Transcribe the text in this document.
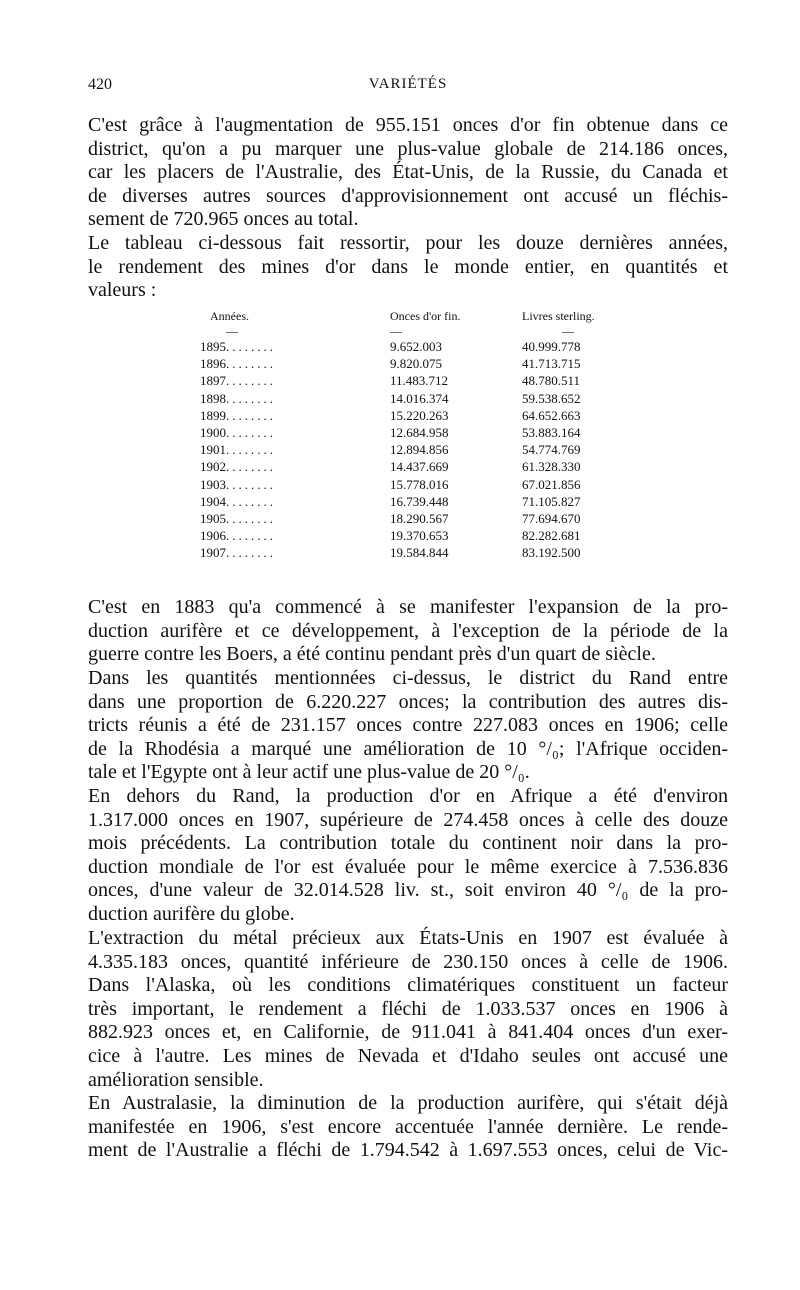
420	VARIÉTÉS
C'est grâce à l'augmentation de 955.151 onces d'or fin obtenue dans ce
district, qu'on a pu marquer une plus-value globale de 214.186 onces,
car les placers de l'Australie, des État-Unis, de la Russie, du Canada et
de diverses autres sources d'approvisionnement ont accusé un fléchis-
sement de 720.965 onces au total.
Le tableau ci-dessous fait ressortir, pour les douze dernières années,
le rendement des mines d'or dans le monde entier, en quantités et
valeurs :
Années.	Onces d'or fin.	Livres sterling.
—	—	—
1895........	9.652.003	40.999.778
1896........	9.820.075	41.713.715
1897........	11.483.712	48.780.511
1898........	14.016.374	59.538.652
1899........	15.220.263	64.652.663
1900........	12.684.958	53.883.164
1901........	12.894.856	54.774.769
1902........	14.437.669	61.328.330
1903........	15.778.016	67.021.856
1904........	16.739.448	71.105.827
1905........	18.290.567	77.694.670
1906........	19.370.653	82.282.681
1907........	19.584.844	83.192.500
C'est en 1883 qu'a commencé à se manifester l'expansion de la pro-
duction aurifère et ce développement, à l'exception de la période de la
guerre contre les Boers, a été continu pendant près d'un quart de siècle.
Dans les quantités mentionnées ci-dessus, le district du Rand entre
dans une proportion de 6.220.227 onces; la contribution des autres dis-
tricts réunis a été de 231.157 onces contre 227.083 onces en 1906; celle
de la Rhodésia a marqué une amélioration de 10 °/₀; l'Afrique occiden-
tale et l'Egypte ont à leur actif une plus-value de 20 °/₀.
En dehors du Rand, la production d'or en Afrique a été d'environ
1.317.000 onces en 1907, supérieure de 274.458 onces à celle des douze
mois précédents. La contribution totale du continent noir dans la pro-
duction mondiale de l'or est évaluée pour le même exercice à 7.536.836
onces, d'une valeur de 32.014.528 liv. st., soit environ 40 °/₀ de la pro-
duction aurifère du globe.
L'extraction du métal précieux aux États-Unis en 1907 est évaluée à
4.335.183 onces, quantité inférieure de 230.150 onces à celle de 1906.
Dans l'Alaska, où les conditions climatériques constituent un facteur
très important, le rendement a fléchi de 1.033.537 onces en 1906 à
882.923 onces et, en Californie, de 911.041 à 841.404 onces d'un exer-
cice à l'autre. Les mines de Nevada et d'Idaho seules ont accusé une
amélioration sensible.
En Australasie, la diminution de la production aurifère, qui s'était déjà
manifestée en 1906, s'est encore accentuée l'année dernière. Le rende-
ment de l'Australie a fléchi de 1.794.542 à 1.697.553 onces, celui de Vic-
